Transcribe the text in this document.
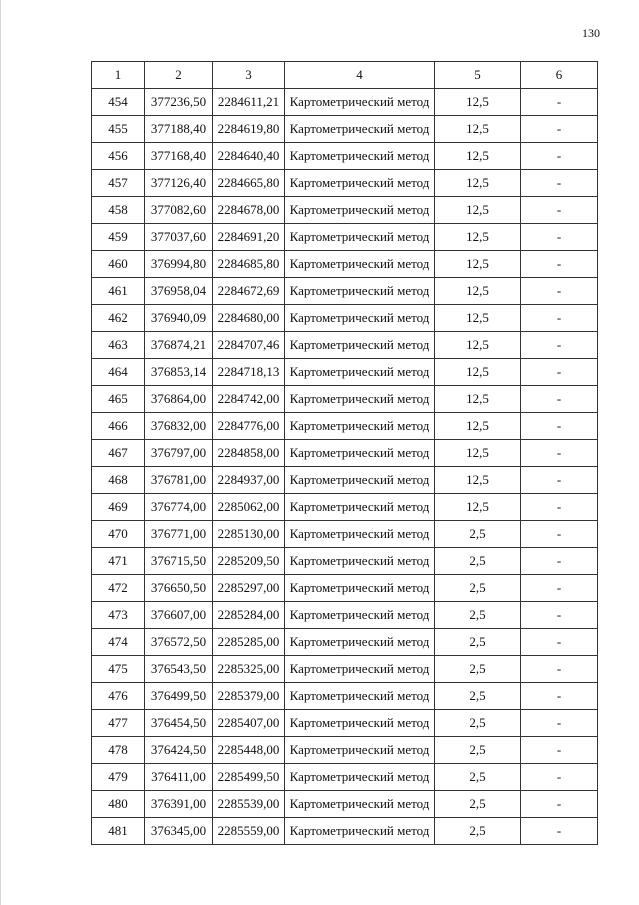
130
1	2	3	4	5	6
454	377236,50	2284611,21	Картометрический метод	12,5	-
455	377188,40	2284619,80	Картометрический метод	12,5	-
456	377168,40	2284640,40	Картометрический метод	12,5	-
457	377126,40	2284665,80	Картометрический метод	12,5	-
458	377082,60	2284678,00	Картометрический метод	12,5	-
459	377037,60	2284691,20	Картометрический метод	12,5	-
460	376994,80	2284685,80	Картометрический метод	12,5	-
461	376958,04	2284672,69	Картометрический метод	12,5	-
462	376940,09	2284680,00	Картометрический метод	12,5	-
463	376874,21	2284707,46	Картометрический метод	12,5	-
464	376853,14	2284718,13	Картометрический метод	12,5	-
465	376864,00	2284742,00	Картометрический метод	12,5	-
466	376832,00	2284776,00	Картометрический метод	12,5	-
467	376797,00	2284858,00	Картометрический метод	12,5	-
468	376781,00	2284937,00	Картометрический метод	12,5	-
469	376774,00	2285062,00	Картометрический метод	12,5	-
470	376771,00	2285130,00	Картометрический метод	2,5	-
471	376715,50	2285209,50	Картометрический метод	2,5	-
472	376650,50	2285297,00	Картометрический метод	2,5	-
473	376607,00	2285284,00	Картометрический метод	2,5	-
474	376572,50	2285285,00	Картометрический метод	2,5	-
475	376543,50	2285325,00	Картометрический метод	2,5	-
476	376499,50	2285379,00	Картометрический метод	2,5	-
477	376454,50	2285407,00	Картометрический метод	2,5	-
478	376424,50	2285448,00	Картометрический метод	2,5	-
479	376411,00	2285499,50	Картометрический метод	2,5	-
480	376391,00	2285539,00	Картометрический метод	2,5	-
481	376345,00	2285559,00	Картометрический метод	2,5	-
